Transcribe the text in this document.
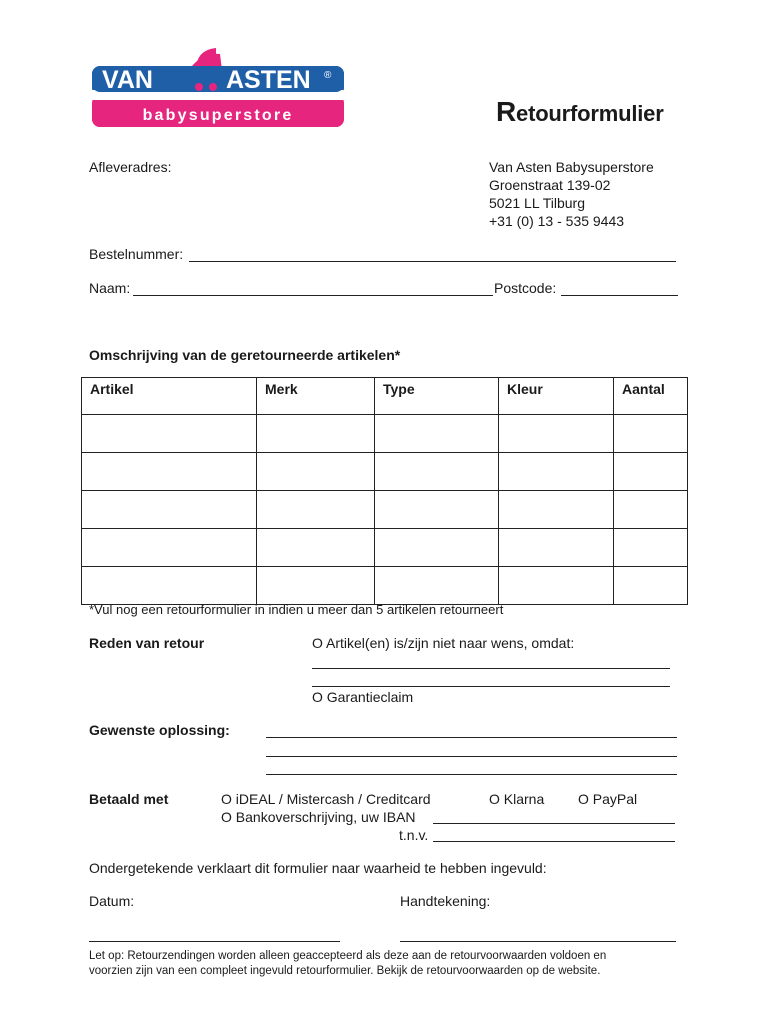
VAN	ASTEN ®
babysuperstore	Retourformulier
Afleveradres:	Van Asten Babysuperstore
Groenstraat 139-02
5021 LL Tilburg
+31 (0) 13 - 535 9443
Bestelnummer:
Naam:	Postcode:
Omschrijving van de geretourneerde artikelen*
Artikel	Merk	Type	Kleur	Aantal

*Vul nog een retourformulier in indien u meer dan 5 artikelen retourneert
Reden van retour	O Artikel(en) is/zijn niet naar wens, omdat:
O Garantieclaim
Gewenste oplossing:
Betaald met	O iDEAL / Mistercash / Creditcard	O Klarna O PayPal
O Bankoverschrijving, uw IBAN
t.n.v.
Ondergetekende verklaart dit formulier naar waarheid te hebben ingevuld:
Datum:	Handtekening:
Let op: Retourzendingen worden alleen geaccepteerd als deze aan de retourvoorwaarden voldoen en
voorzien zijn van een compleet ingevuld retourformulier. Bekijk de retourvoorwaarden op de website.
